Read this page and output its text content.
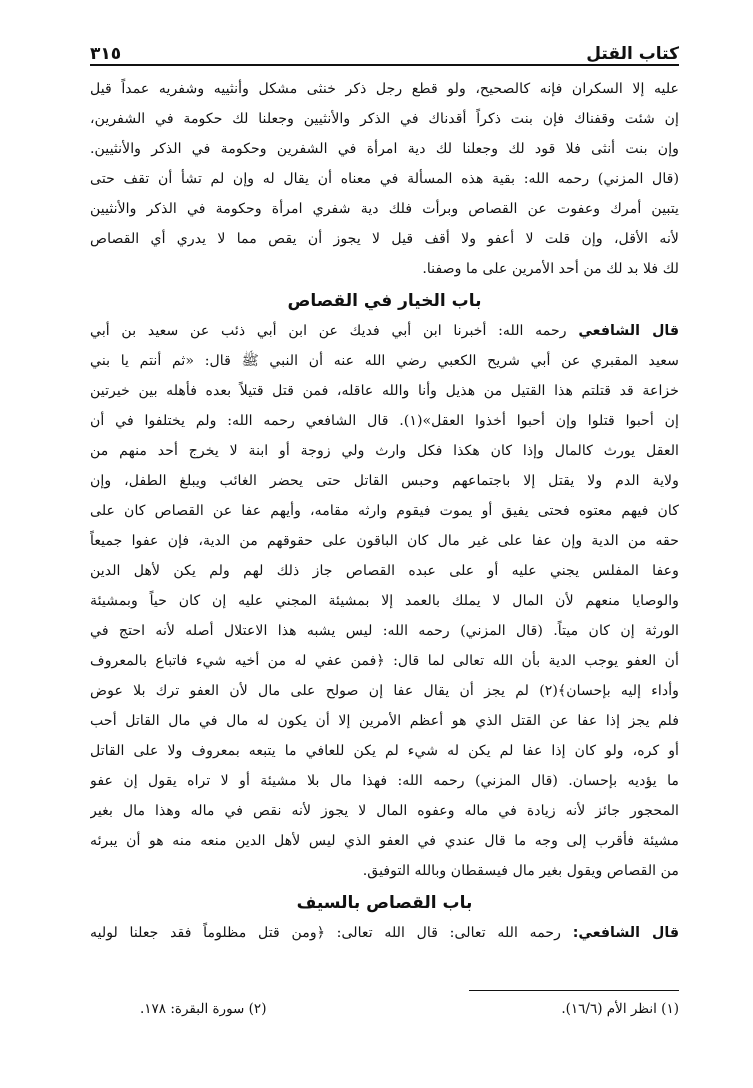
كتاب القتل
٣١٥
عليه إلا السكران فإنه كالصحيح، ولو قطع رجل ذكر خنثى مشكل وأنثييه وشفريه عمداً قيل
إن شئت وقفناك فإن بنت ذكراً أقدناك في الذكر والأنثيين وجعلنا لك حكومة في الشفرين،
وإن بنت أنثى فلا قود لك وجعلنا لك دية امرأة في الشفرين وحكومة في الذكر والأنثيين.
(قال المزني) رحمه الله: بقية هذه المسألة في معناه أن يقال له وإن لم تشأ أن تقف حتى
يتبين أمرك وعفوت عن القصاص وبرأت فلك دية شفري امرأة وحكومة في الذكر والأنثيين
لأنه الأقل، وإن قلت لا أعفو ولا أقف قيل لا يجوز أن يقص مما لا يدري أي القصاص
لك فلا بد لك من أحد الأمرين على ما وصفنا.
باب الخيار في القصاص
قال الشافعي رحمه الله: أخبرنا ابن أبي فديك عن ابن أبي ذئب عن سعيد بن أبي
سعيد المقبري عن أبي شريح الكعبي رضي الله عنه أن النبي ﷺ قال: «ثم أنتم يا بني
خزاعة قد قتلتم هذا القتيل من هذيل وأنا والله عاقله، فمن قتل قتيلاً بعده فأهله بين خيرتين
إن أحبوا قتلوا وإن أحبوا أخذوا العقل»(١). قال الشافعي رحمه الله: ولم يختلفوا في أن
العقل يورث كالمال وإذا كان هكذا فكل وارث ولي زوجة أو ابنة لا يخرج أحد منهم من
ولاية الدم ولا يقتل إلا باجتماعهم وحبس القاتل حتى يحضر الغائب ويبلغ الطفل، وإن
كان فيهم معتوه فحتى يفيق أو يموت فيقوم وارثه مقامه، وأيهم عفا عن القصاص كان على
حقه من الدية وإن عفا على غير مال كان الباقون على حقوقهم من الدية، فإن عفوا جميعاً
وعفا المفلس يجني عليه أو على عبده القصاص جاز ذلك لهم ولم يكن لأهل الدين
والوصايا منعهم لأن المال لا يملك بالعمد إلا بمشيئة المجني عليه إن كان حياً وبمشيئة
الورثة إن كان ميتاً. (قال المزني) رحمه الله: ليس يشبه هذا الاعتلال أصله لأنه احتج في
أن العفو يوجب الدية بأن الله تعالى لما قال: ﴿فمن عفي له من أخيه شيء فاتباع بالمعروف
وأداء إليه بإحسان﴾(٢) لم يجز أن يقال عفا إن صولح على مال لأن العفو ترك بلا عوض
فلم يجز إذا عفا عن القتل الذي هو أعظم الأمرين إلا أن يكون له مال في مال القاتل أحب
أو كره، ولو كان إذا عفا لم يكن له شيء لم يكن للعافي ما يتبعه بمعروف ولا على القاتل
ما يؤديه بإحسان. (قال المزني) رحمه الله: فهذا مال بلا مشيئة أو لا تراه يقول إن عفو
المحجور جائز لأنه زيادة في ماله وعفوه المال لا يجوز لأنه نقص في ماله وهذا مال بغير
مشيئة فأقرب إلى وجه ما قال عندي في العفو الذي ليس لأهل الدين منعه منه هو أن يبرئه
من القصاص ويقول بغير مال فيسقطان وبالله التوفيق.
باب القصاص بالسيف
قال الشافعي: رحمه الله تعالى: قال الله تعالى: ﴿ومن قتل مظلوماً فقد جعلنا لوليه
(١) انظر الأم (١٦/٦).
(٢) سورة البقرة: ١٧٨.
